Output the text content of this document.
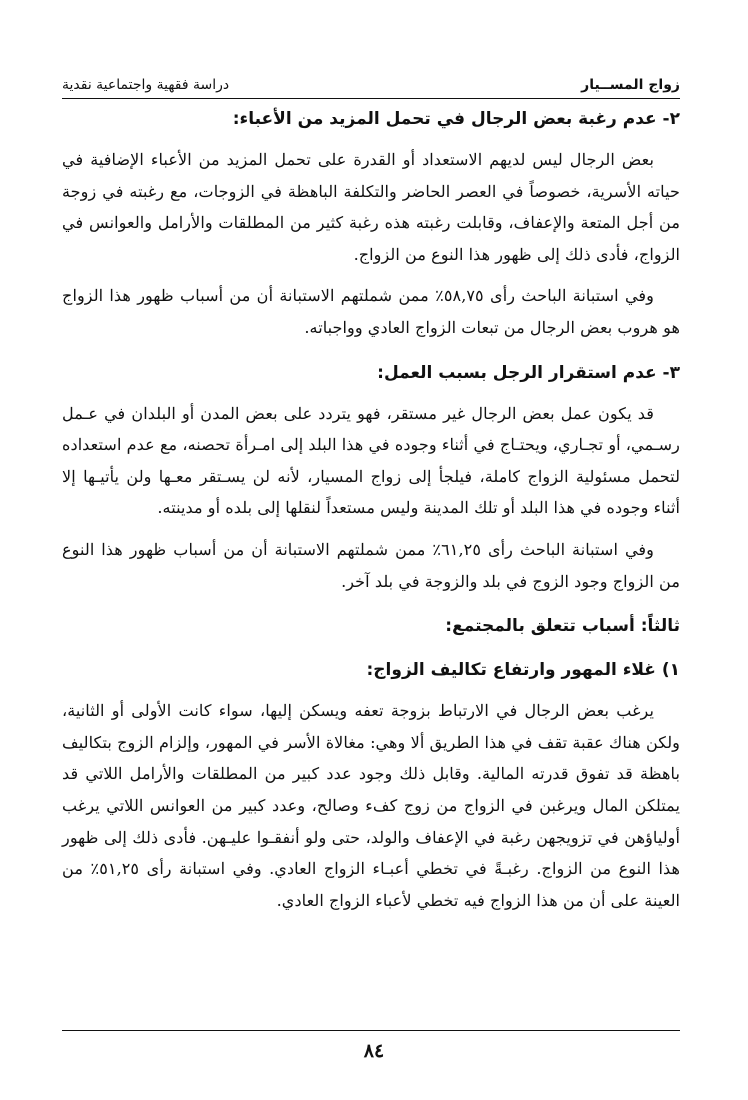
زواج المســيار
دراسة فقهية واجتماعية نقدية
٢- عدم رغبة بعض الرجال في تحمل المزيد من الأعباء:

بعض الرجال ليس لديهم الاستعداد أو القدرة على تحمل المزيد من الأعباء الإضافية في حياته الأسرية، خصوصاً في العصر الحاضر والتكلفة الباهظة في الزوجات، مع رغبته في زوجة من أجل المتعة والإعفاف، وقابلت رغبته هذه رغبة كثير من المطلقات والأرامل والعوانس في الزواج، فأدى ذلك إلى ظهور هذا النوع من الزواج.

وفي استبانة الباحث رأى ٥٨,٧٥٪ ممن شملتهم الاستبانة أن من أسباب ظهور هذا الزواج هو هروب بعض الرجال من تبعات الزواج العادي وواجباته.

٣- عدم استقرار الرجل بسبب العمل:

قد يكون عمل بعض الرجال غير مستقر، فهو يتردد على بعض المدن أو البلدان في عـمل رسـمي، أو تجـاري، ويحتـاج في أثناء وجوده في هذا البلد إلى امـرأة تحصنه، مع عدم استعداده لتحمل مسئولية الزواج كاملة، فيلجأ إلى زواج المسيار، لأنه لن يسـتقر معـها ولن يأتيـها إلا أثناء وجوده في هذا البلد أو تلك المدينة وليس مستعداً لنقلها إلى بلده أو مدينته.

وفي استبانة الباحث رأى ٦١,٢٥٪ ممن شملتهم الاستبانة أن من أسباب ظهور هذا النوع من الزواج وجود الزوج في بلد والزوجة في بلد آخر.

ثالثاً: أسباب تتعلق بالمجتمع:
١) غلاء المهور وارتفاع تكاليف الزواج:

يرغب بعض الرجال في الارتباط بزوجة تعفه ويسكن إليها، سواء كانت الأولى أو الثانية، ولكن هناك عقبة تقف في هذا الطريق ألا وهي: مغالاة الأسر في المهور، وإلزام الزوج بتكاليف باهظة قد تفوق قدرته المالية. وقابل ذلك وجود عدد كبير من المطلقات والأرامل اللاتي قد يمتلكن المال ويرغبن في الزواج من زوج كفء وصالح، وعدد كبير من العوانس اللاتي يرغب أولياؤهن في تزويجهن رغبة في الإعفاف والولد، حتى ولو أنفقـوا عليـهن. فأدى ذلك إلى ظهور هذا النوع من الزواج. رغبـةً في تخطي أعبـاء الزواج العادي. وفي استبانة رأى ٥١,٢٥٪ من العينة على أن من هذا الزواج فيه تخطي لأعباء الزواج العادي.

٨٤
